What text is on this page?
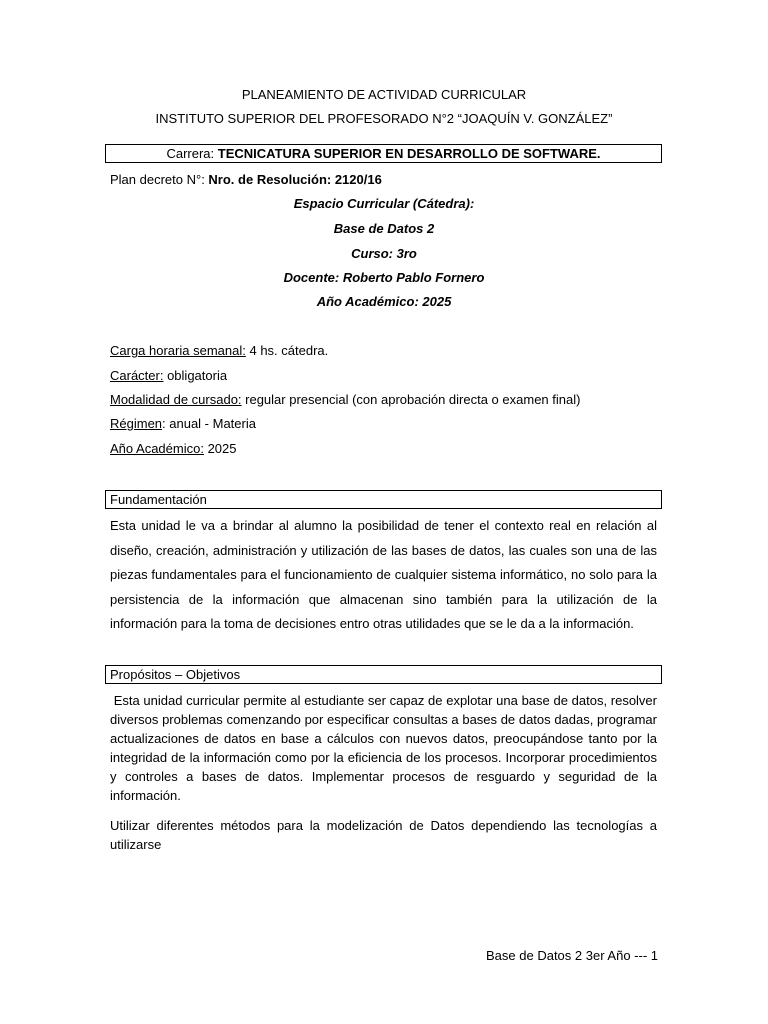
PLANEAMIENTO DE ACTIVIDAD CURRICULAR
INSTITUTO SUPERIOR DEL PROFESORADO N°2 “JOAQUÍN V. GONZÁLEZ”
Carrera: TECNICATURA SUPERIOR EN DESARROLLO DE SOFTWARE.
Plan decreto N°: Nro. de Resolución: 2120/16
Espacio Curricular (Cátedra):
Base de Datos 2
Curso: 3ro
Docente: Roberto Pablo Fornero
Año Académico: 2025
Carga horaria semanal: 4 hs. cátedra.
Carácter: obligatoria
Modalidad de cursado: regular presencial (con aprobación directa o examen final)
Régimen: anual - Materia
Año Académico: 2025
Fundamentación
Esta unidad le va a brindar al alumno la posibilidad de tener el contexto real en relación al
diseño, creación, administración y utilización de las bases de datos, las cuales son una de las
piezas fundamentales para el funcionamiento de cualquier sistema informático, no solo para la
persistencia de la información que almacenan sino también para la utilización de la
información para la toma de decisiones entro otras utilidades que se le da a la información.
Propósitos – Objetivos
Esta unidad curricular permite al estudiante ser capaz de explotar una base de datos, resolver
diversos problemas comenzando por especificar consultas a bases de datos dadas, programar
actualizaciones de datos en base a cálculos con nuevos datos, preocupándose tanto por la
integridad de la información como por la eficiencia de los procesos. Incorporar procedimientos
y controles a bases de datos. Implementar procesos de resguardo y seguridad de la
información.
Utilizar diferentes métodos para la modelización de Datos dependiendo las tecnologías a
utilizarse
Base de Datos 2 3er Año --- 1
